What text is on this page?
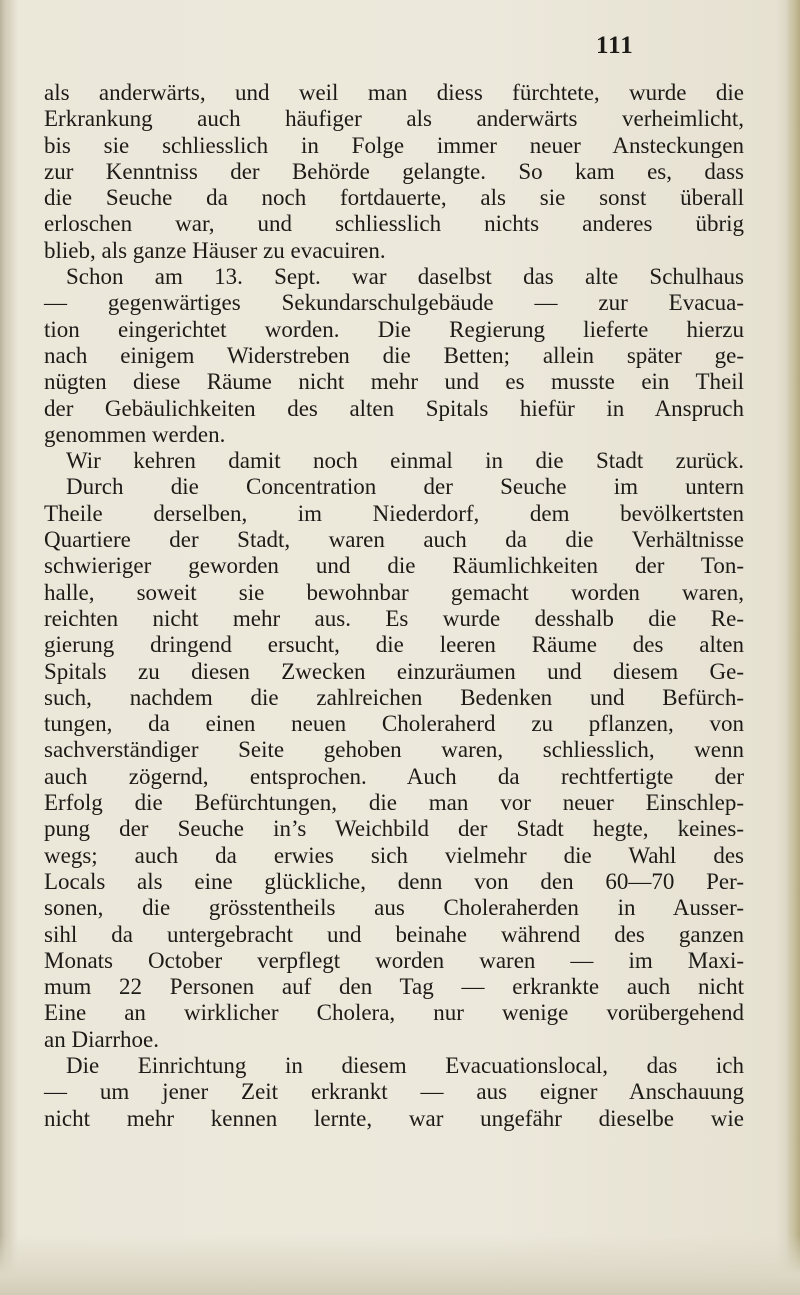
111
als anderwärts, und weil man diess fürchtete, wurde die
Erkrankung auch häufiger als anderwärts verheimlicht,
bis sie schliesslich in Folge immer neuer Ansteckungen
zur Kenntniss der Behörde gelangte. So kam es, dass
die Seuche da noch fortdauerte, als sie sonst überall
erloschen war, und schliesslich nichts anderes übrig
blieb, als ganze Häuser zu evacuiren.
Schon am 13. Sept. war daselbst das alte Schulhaus
— gegenwärtiges Sekundarschulgebäude — zur Evacua-
tion eingerichtet worden. Die Regierung lieferte hierzu
nach einigem Widerstreben die Betten; allein später ge-
nügten diese Räume nicht mehr und es musste ein Theil
der Gebäulichkeiten des alten Spitals hiefür in Anspruch
genommen werden.
Wir kehren damit noch einmal in die Stadt zurück.
Durch die Concentration der Seuche im untern
Theile derselben, im Niederdorf, dem bevölkertsten
Quartiere der Stadt, waren auch da die Verhältnisse
schwieriger geworden und die Räumlichkeiten der Ton-
halle, soweit sie bewohnbar gemacht worden waren,
reichten nicht mehr aus. Es wurde desshalb die Re-
gierung dringend ersucht, die leeren Räume des alten
Spitals zu diesen Zwecken einzuräumen und diesem Ge-
such, nachdem die zahlreichen Bedenken und Befürch-
tungen, da einen neuen Choleraherd zu pflanzen, von
sachverständiger Seite gehoben waren, schliesslich, wenn
auch zögernd, entsprochen. Auch da rechtfertigte der
Erfolg die Befürchtungen, die man vor neuer Einschlep-
pung der Seuche in’s Weichbild der Stadt hegte, keines-
wegs; auch da erwies sich vielmehr die Wahl des
Locals als eine glückliche, denn von den 60—70 Per-
sonen, die grösstentheils aus Choleraherden in Ausser-
sihl da untergebracht und beinahe während des ganzen
Monats October verpflegt worden waren — im Maxi-
mum 22 Personen auf den Tag — erkrankte auch nicht
Eine an wirklicher Cholera, nur wenige vorübergehend
an Diarrhoe.
Die Einrichtung in diesem Evacuationslocal, das ich
— um jener Zeit erkrankt — aus eigner Anschauung
nicht mehr kennen lernte, war ungefähr dieselbe wie
